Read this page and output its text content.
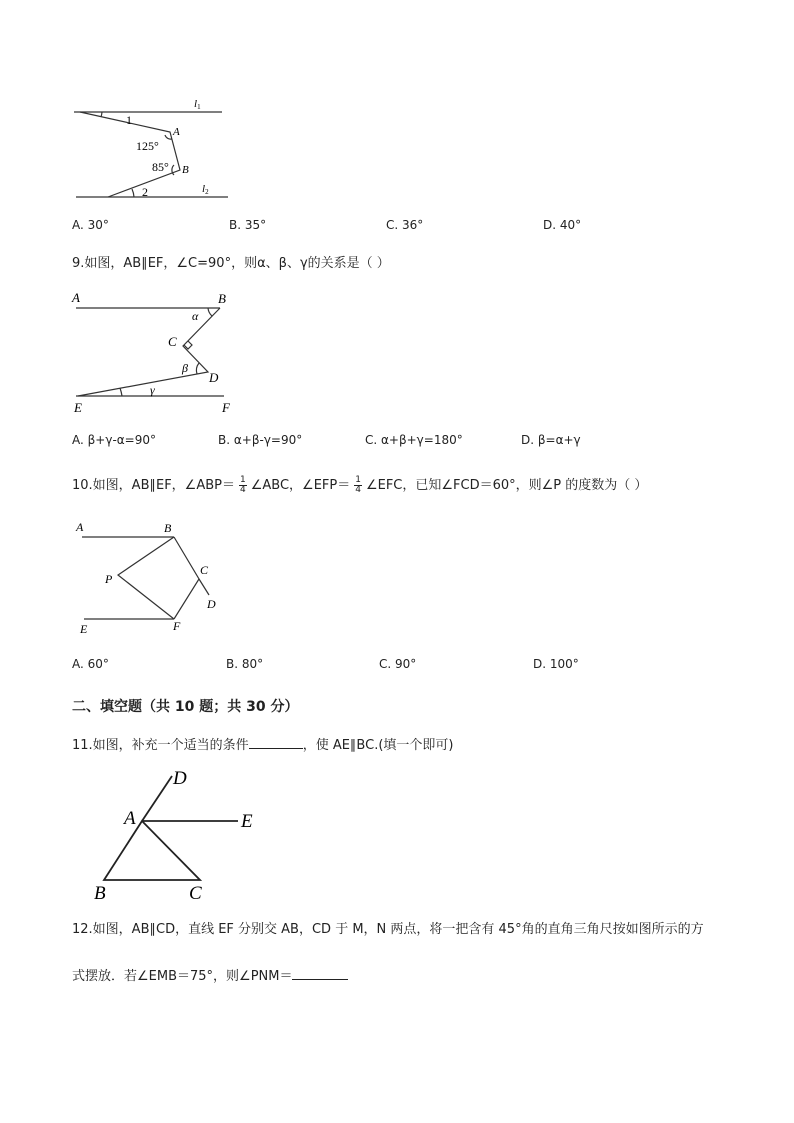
l1
l2
1
2
A
B
125°
85°
A. 30°	B. 35°	C. 36°	D. 40°
9.如图，AB∥EF，∠C=90°，则α、β、γ的关系是（ ）
A	B
C
D
E	F
α
β
γ
A. β+γ-α=90°	B. α+β-γ=90°	C. α+β+γ=180°	D. β=α+γ
10.如图，AB∥EF，∠ABP＝ $\frac{1}{4}$ ∠ABC，∠EFP＝ $\frac{1}{4}$ ∠EFC，已知∠FCD＝60°，则∠P 的度数为（ ）
A	B
C
D
E	F
P
A. 60°	B. 80°	C. 90°	D. 100°
二、填空题（共 10 题；共 30 分）
11.如图，补充一个适当的条件	，使 AE∥BC.(填一个即可)
A
B	C
D
E
12.如图，AB∥CD，直线 EF 分别交 AB，CD 于 M，N 两点，将一把含有 45°角的直角三角尺按如图所示的方
式摆放．若∠EMB＝75°，则∠PNM＝
